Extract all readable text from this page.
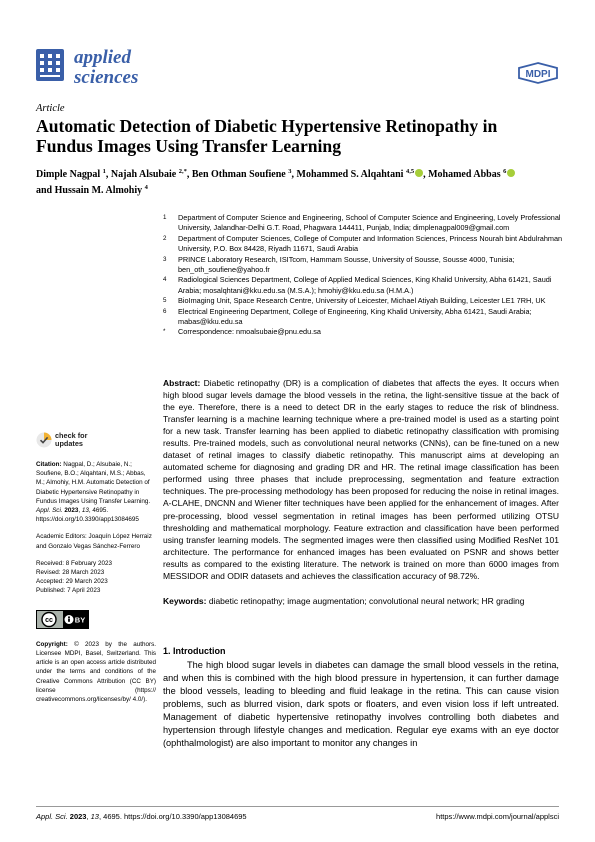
applied
sciences	MDPI
Article
Automatic Detection of Diabetic Hypertensive Retinopathy in Fundus Images Using Transfer Learning
Dimple Nagpal $^1$, Najah Alsubaie $^{2,*}$, Ben Othman Soufiene $^3$, Mohammed S. Alqahtani $^{4,5}$ , Mohamed Abbas $^6$
and Hussain M. Almohiy $^4$
1 Department of Computer Science and Engineering, School of Computer Science and Engineering, Lovely Professional University, Jalandhar-Delhi G.T. Road, Phagwara 144411, Punjab, India; dimplenagpal009@gmail.com
2 Department of Computer Sciences, College of Computer and Information Sciences, Princess Nourah bint Abdulrahman University, P.O. Box 84428, Riyadh 11671, Saudi Arabia
3 PRINCE Laboratory Research, ISITcom, Hammam Sousse, University of Sousse, Sousse 4000, Tunisia; ben_oth_soufiene@yahoo.fr
4 Radiological Sciences Department, College of Applied Medical Sciences, King Khalid University, Abha 61421, Saudi Arabia; mosalqhtani@kku.edu.sa (M.S.A.); hmohiy@kku.edu.sa (H.M.A.)
5 BioImaging Unit, Space Research Centre, University of Leicester, Michael Atiyah Building, Leicester LE1 7RH, UK
6 Electrical Engineering Department, College of Engineering, King Khalid University, Abha 61421, Saudi Arabia; mabas@kku.edu.sa
* Correspondence: nmoalsubaie@pnu.edu.sa
Abstract: Diabetic retinopathy (DR) is a complication of diabetes that affects the eyes. It occurs when high blood sugar levels damage the blood vessels in the retina, the light-sensitive tissue at the back of the eye. Therefore, there is a need to detect DR in the early stages to reduce the risk of blindness. Transfer learning is a machine learning technique where a pre-trained model is used as a starting point for a new task. Transfer learning has been applied to diabetic retinopathy classification with promising results. Pre-trained models, such as convolutional neural networks (CNNs), can be fine-tuned on a new dataset of retinal images to classify diabetic retinopathy. This manuscript aims at developing an automated scheme for diagnosing and grading DR and HR. The retinal image classification has been performed using three phases that include preprocessing, segmentation and feature extraction techniques. The pre-processing methodology has been proposed for reducing the noise in retinal images. A-CLAHE, DNCNN and Wiener filter techniques have been applied for the enhancement of images. After pre-processing, blood vessel segmentation in retinal images has been performed utilizing OTSU thresholding and mathematical morphology. Feature extraction and classification have been performed using transfer learning models. The segmented images were then classified using Modified ResNet 101 architecture. The performance for enhanced images has been evaluated on PSNR and shows better results as compared to the existing literature. The network is trained on more than 6000 images from MESSIDOR and ODIR datasets and achieves the classification accuracy of 98.72%.
Keywords: diabetic retinopathy; image augmentation; convolutional neural network; HR grading
check for
updates
Citation: Nagpal, D.; Alsubaie, N.; Soufiene, B.O.; Alqahtani, M.S.; Abbas, M.; Almohiy, H.M. Automatic Detection of Diabetic Hypertensive Retinopathy in Fundus Images Using Transfer Learning. Appl. Sci. 2023, 13, 4695. https://doi.org/10.3390/app13084695
Academic Editors: Joaquín López Herraiz and Gonzalo Vegas Sánchez-Ferrero
Received: 8 February 2023
Revised: 28 March 2023
Accepted: 29 March 2023
Published: 7 April 2023
cc	BY
Copyright: © 2023 by the authors. Licensee MDPI, Basel, Switzerland. This article is an open access article distributed under the terms and conditions of the Creative Commons Attribution (CC BY) license (https:// creativecommons.org/licenses/by/ 4.0/).
1. Introduction

The high blood sugar levels in diabetes can damage the small blood vessels in the retina, and when this is combined with the high blood pressure in hypertension, it can further damage the blood vessels, leading to bleeding and fluid leakage in the retina. This can cause vision problems, such as blurred vision, dark spots or floaters, and even vision loss if left untreated. Management of diabetic hypertensive retinopathy involves controlling both diabetes and hypertension through lifestyle changes and medication. Regular eye exams with an eye doctor (ophthalmologist) are also important to monitor any changes in

Appl. Sci. 2023, 13, 4695. https://doi.org/10.3390/app13084695	https://www.mdpi.com/journal/applsci
